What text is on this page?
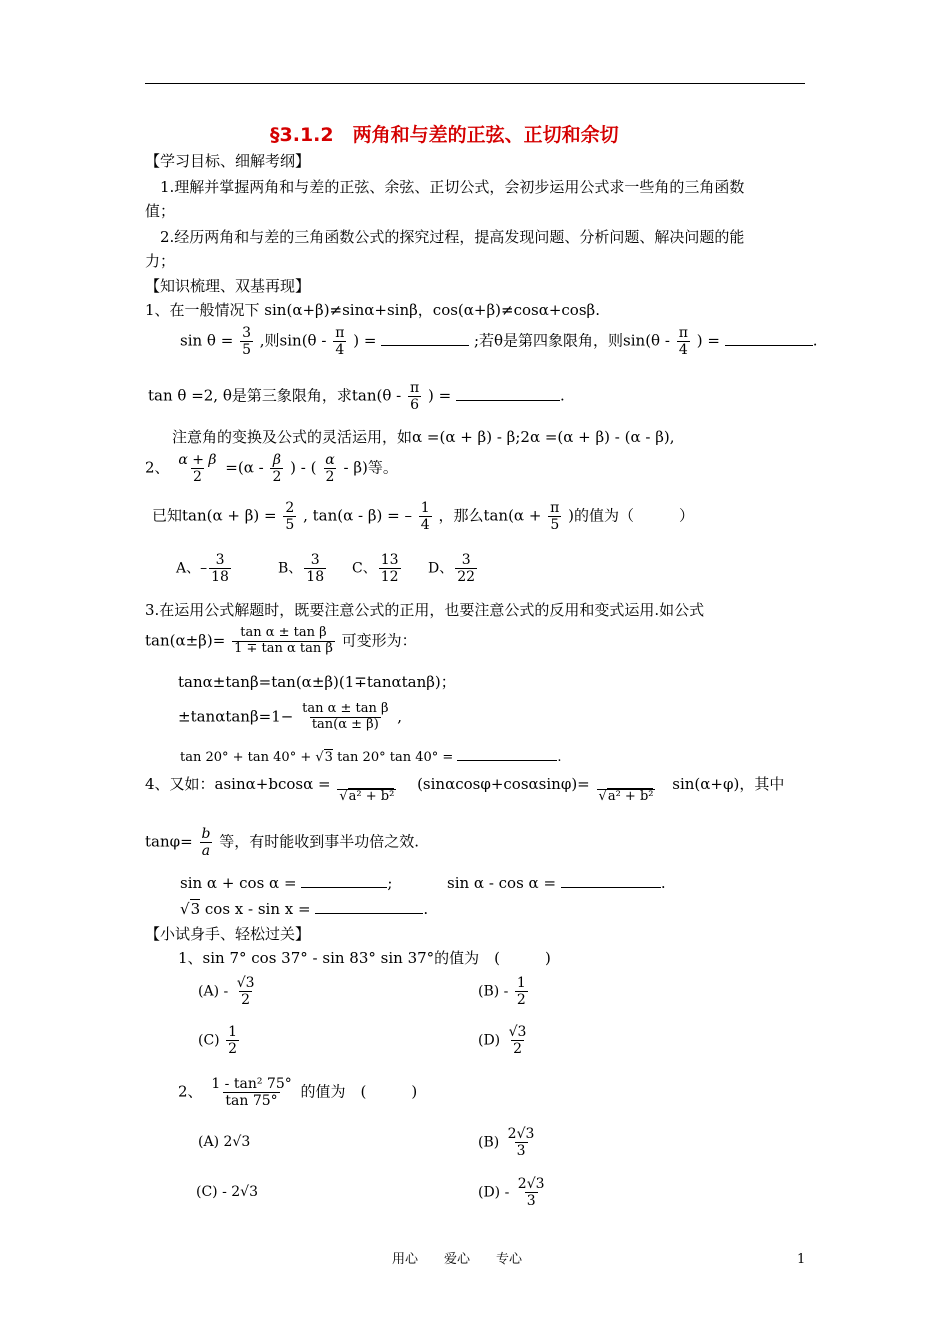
§3.1.2　两角和与差的正弦、正切和余切
【学习目标、细解考纲】
1.理解并掌握两角和与差的正弦、余弦、正切公式，会初步运用公式求一些角的三角函数
值；
2.经历两角和与差的三角函数公式的探究过程，提高发现问题、分析问题、解决问题的能
力；
【知识梳理、双基再现】
1、在一般情况下 sin(α+β)≠sinα+sinβ，cos(α+β)≠cosα+cosβ.
$\sin \theta = \frac{3}{5}$ ,则$\sin(\theta - \frac{\pi}{4}$ ) =	;若θ是第四象限角，则$\sin(\theta - \frac{\pi}{4}$ ) =	.
tan θ =2, θ是第三象限角，求$\tan(\theta - \frac{\pi}{6}$ ) =	.
注意角的变换及公式的灵活运用，如α =(α + β) - β;2α =(α + β) - (α - β),
2、 $\frac{\alpha + \beta}{2} =(\alpha - \frac{\beta}{2}$ ) - ( $\frac{\alpha}{2} - \beta$)等。
已知$\tan(\alpha + \beta) = \frac{2}{5}$ , tan(α - β) = – $\frac{1}{4}$ ，那么$\tan(\alpha + \frac{\pi}{5}$ )的值为（　　　）
A、– $\frac{3}{18}$	B、 $\frac{3}{18}$ C、 $\frac{13}{12}$ D、 $\frac{3}{22}$
3.在运用公式解题时，既要注意公式的正用，也要注意公式的反用和变式运用.如公式
$\tan(\alpha\pm\beta)= \frac{\text{tan α ± tan β}}{\text{1 ∓ tan α tan β}}$ 可变形为：
tanα±tanβ=tan(α±β)(1∓tanαtanβ)；
$\pm\tan\alpha\tan\beta=1- \frac{\text{tan α ± tan β}}{\tan(\alpha \pm \beta)}$ ,
tan 20° + tan 40° + √3 tan 20° tan 40° =	.
4、又如：asinα+bcosα =
√a² + b²
(sinαcosφ+cosαsinφ)=
√a² + b²
sin(α+φ)，其中
$\tan\varphi= \frac{b}{a}$ 等，有时能收到事半功倍之效.
sin α + cos α =	;	sin α - cos α =	.
√3 cos x - sin x =	.
【小试身手、轻松过关】
1、sin 7° cos 37° - sin 83° sin 37°的值为　(　　　)
$(A) - \frac{√3}{2}$	$(B) - \frac{1}{2}$
$(C) \frac{1}{2}$	$(D) \frac{√3}{2}$
2、 $\frac{\text{1 - tan² 75°}}{\tan 75^\circ}$ 的值为　(　　　)
(A) 2√3	$(B) \frac{2√3}{3}$
(C) - 2√3	$(D) - \frac{2√3}{3}$
用心　　爱心　　专心	1
